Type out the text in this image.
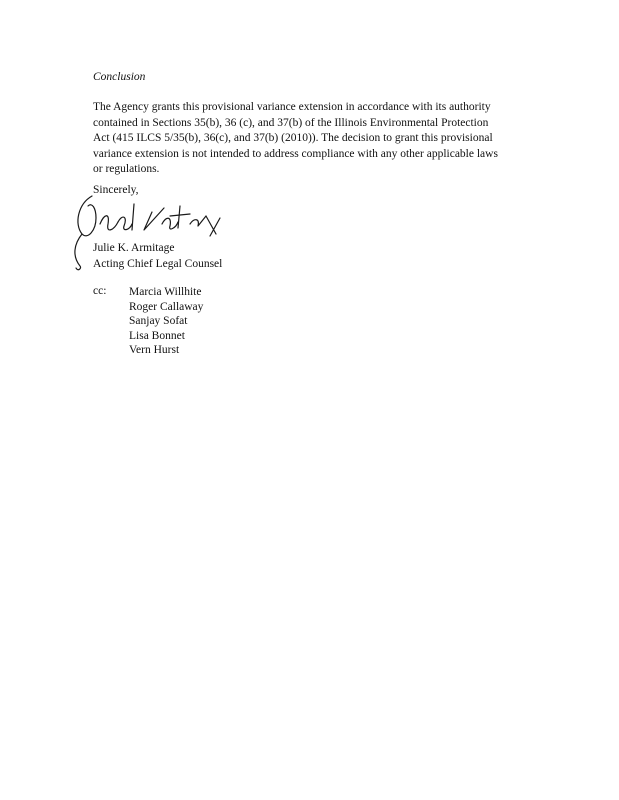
Conclusion
The Agency grants this provisional variance extension in accordance with its authority
contained in Sections 35(b), 36 (c), and 37(b) of the Illinois Environmental Protection
Act (415 ILCS 5/35(b), 36(c), and 37(b) (2010)). The decision to grant this provisional
variance extension is not intended to address compliance with any other applicable laws
or regulations.
Sincerely,
Julie K. Armitage
Acting Chief Legal Counsel
cc: Marcia Willhite
Roger Callaway
Sanjay Sofat
Lisa Bonnet
Vern Hurst
